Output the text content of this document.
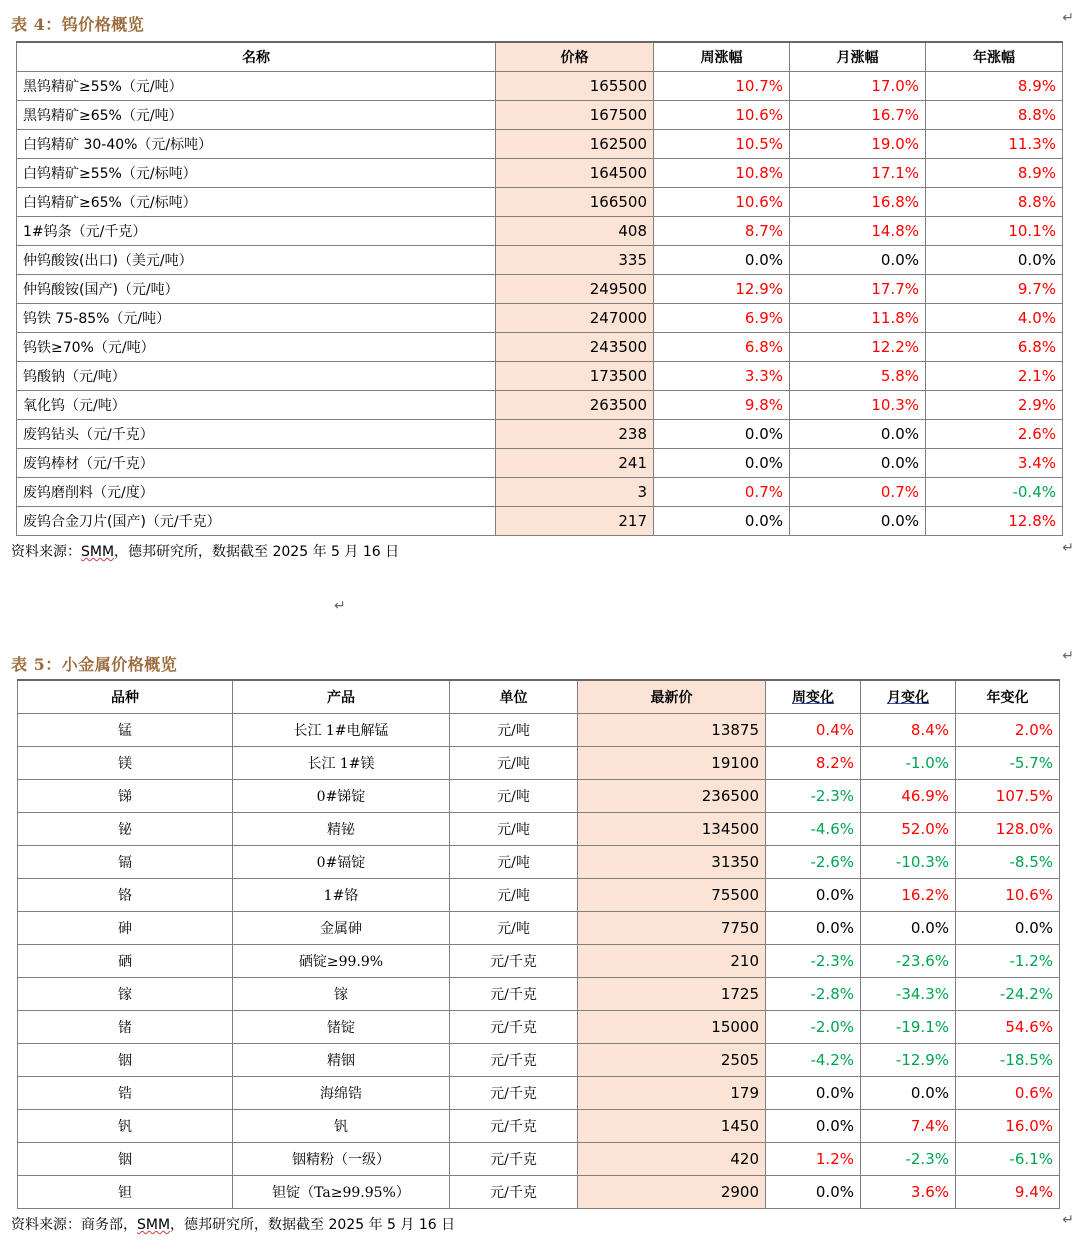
表 4：钨价格概览	↵
名称	价格	周涨幅	月涨幅	年涨幅
黑钨精矿≥55%（元/吨）	165500	10.7%	17.0%	8.9%
黑钨精矿≥65%（元/吨）	167500	10.6%	16.7%	8.8%
白钨精矿 30-40%（元/标吨）	162500	10.5%	19.0%	11.3%
白钨精矿≥55%（元/标吨）	164500	10.8%	17.1%	8.9%
白钨精矿≥65%（元/标吨）	166500	10.6%	16.8%	8.8%
1#钨条（元/千克）	408	8.7%	14.8%	10.1%
仲钨酸铵(出口)（美元/吨）	335	0.0%	0.0%	0.0%
仲钨酸铵(国产)（元/吨）	249500	12.9%	17.7%	9.7%
钨铁 75-85%（元/吨）	247000	6.9%	11.8%	4.0%
钨铁≥70%（元/吨）	243500	6.8%	12.2%	6.8%
钨酸钠（元/吨）	173500	3.3%	5.8%	2.1%
氧化钨（元/吨）	263500	9.8%	10.3%	2.9%
废钨钻头（元/千克）	238	0.0%	0.0%	2.6%
废钨棒材（元/千克）	241	0.0%	0.0%	3.4%
废钨磨削料（元/度）	3	0.7%	0.7%	-0.4%
废钨合金刀片(国产)（元/千克）	217	0.0%	0.0%	12.8%
资料来源：SMM，德邦研究所，数据截至 2025 年 5 月 16 日	↵
↵
表 5：小金属价格概览	↵
品种	产品	单位	最新价	周变化	月变化	年变化
锰	长江 1#电解锰	元/吨	13875	0.4%	8.4%	2.0%
镁	长江 1#镁	元/吨	19100	8.2%	-1.0%	-5.7%
锑	0#锑锭	元/吨	236500	-2.3%	46.9%	107.5%
铋	精铋	元/吨	134500	-4.6%	52.0%	128.0%
镉	0#镉锭	元/吨	31350	-2.6%	-10.3%	-8.5%
铬	1#铬	元/吨	75500	0.0%	16.2%	10.6%
砷	金属砷	元/吨	7750	0.0%	0.0%	0.0%
硒	硒锭≥99.9%	元/千克	210	-2.3%	-23.6%	-1.2%
镓	镓	元/千克	1725	-2.8%	-34.3%	-24.2%
锗	锗锭	元/千克	15000	-2.0%	-19.1%	54.6%
铟	精铟	元/千克	2505	-4.2%	-12.9%	-18.5%
锆	海绵锆	元/千克	179	0.0%	0.0%	0.6%
钒	钒	元/千克	1450	0.0%	7.4%	16.0%
铟	铟精粉（一级）	元/千克	420	1.2%	-2.3%	-6.1%
钽	钽锭（Ta≥99.95%）	元/千克	2900	0.0%	3.6%	9.4%
资料来源：商务部，SMM，德邦研究所，数据截至 2025 年 5 月 16 日	↵
